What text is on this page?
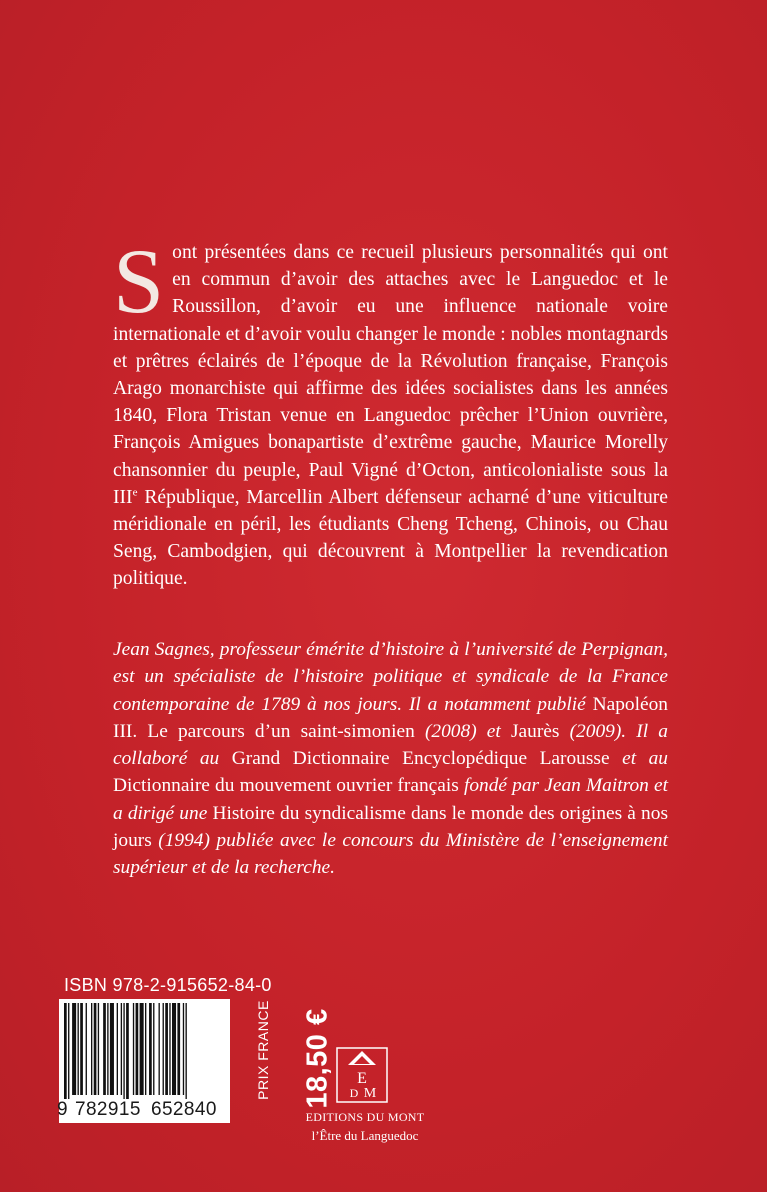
Sont présentées dans ce recueil plusieurs personnalités qui ont en commun d’avoir des attaches avec le Languedoc et le Roussillon, d’avoir eu une influence nationale voire internationale et d’avoir voulu changer le monde : nobles montagnards et prêtres éclairés de l’époque de la Révolution française, François Arago monarchiste qui affirme des idées socialistes dans les années 1840, Flora Tristan venue en Languedoc prêcher l’Union ouvrière, François Amigues bonapartiste d’extrême gauche, Maurice Morelly chansonnier du peuple, Paul Vigné d’Octon, anticolonialiste sous la IIIe République, Marcellin Albert défenseur acharné d’une viticulture méridionale en péril, les étudiants Cheng Tcheng, Chinois, ou Chau Seng, Cambodgien, qui découvrent à Montpellier la revendication politique.

Jean Sagnes, professeur émérite d’histoire à l’université de Perpignan, est un spécialiste de l’histoire politique et syndicale de la France contemporaine de 1789 à nos jours. Il a notamment publié Napoléon III. Le parcours d’un saint-simonien (2008) et Jaurès (2009). Il a collaboré au Grand Dictionnaire Encyclopédique Larousse et au Dictionnaire du mouvement ouvrier français fondé par Jean Maitron et a dirigé une Histoire du syndicalisme dans le monde des origines à nos jours (1994) publiée avec le concours du Ministère de l’enseignement supérieur et de la recherche.

ISBN 978-2-915652-84-0
9 782915 652840
PRIX FRANCE 18,50 € E
D M
EDITIONS DU MONT
l’Être du Languedoc
